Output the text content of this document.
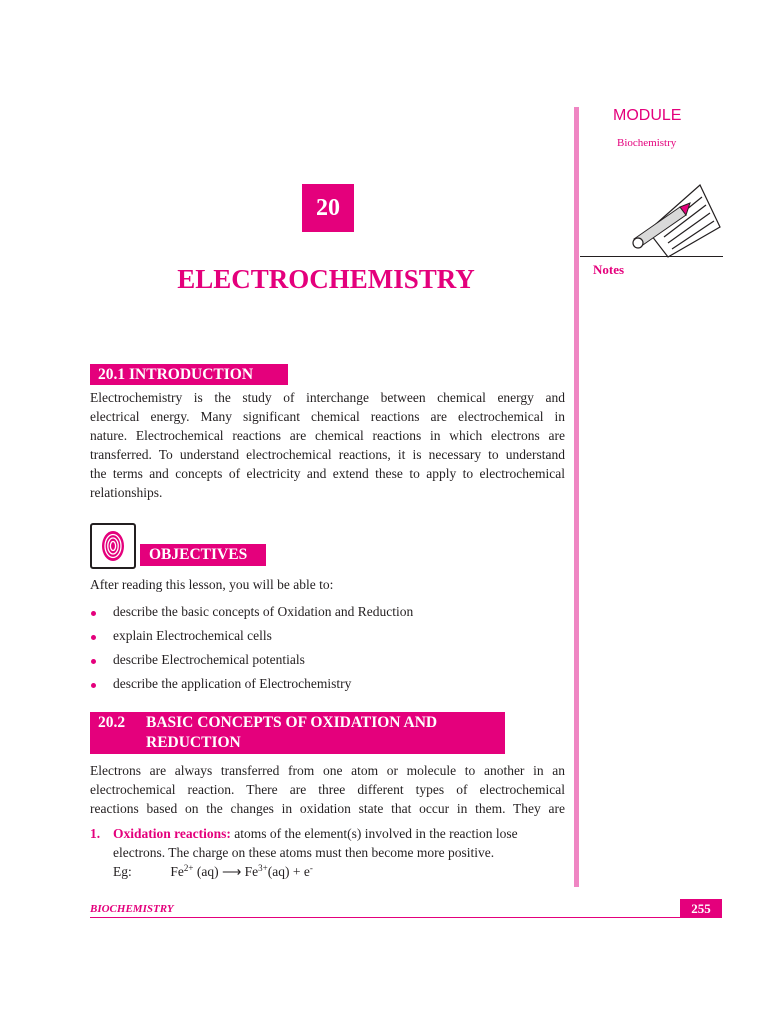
MODULE
Biochemistry
Notes
20
ELECTROCHEMISTRY
20.1 INTRODUCTION
Electrochemistry is the study of interchange between chemical energy and
electrical energy. Many significant chemical reactions are electrochemical in
nature. Electrochemical reactions are chemical reactions in which electrons are
transferred. To understand electrochemical reactions, it is necessary to understand
the terms and concepts of electricity and extend these to apply to electrochemical
relationships.
OBJECTIVES
After reading this lesson, you will be able to:
describe the basic concepts of Oxidation and Reduction
explain Electrochemical cells
describe Electrochemical potentials
describe the application of Electrochemistry
20.2 BASIC CONCEPTS OF OXIDATION AND
REDUCTION
Electrons are always transferred from one atom or molecule to another in an
electrochemical reaction. There are three different types of electrochemical
reactions based on the changes in oxidation state that occur in them. They are
1. Oxidation reactions: atoms of the element(s) involved in the reaction lose
electrons. The charge on these atoms must then become more positive.
Eg:	$Fe^{2+}$ (aq) ⟶ $Fe^{3+}(aq) + e^-$
BIOCHEMISTRY	255
